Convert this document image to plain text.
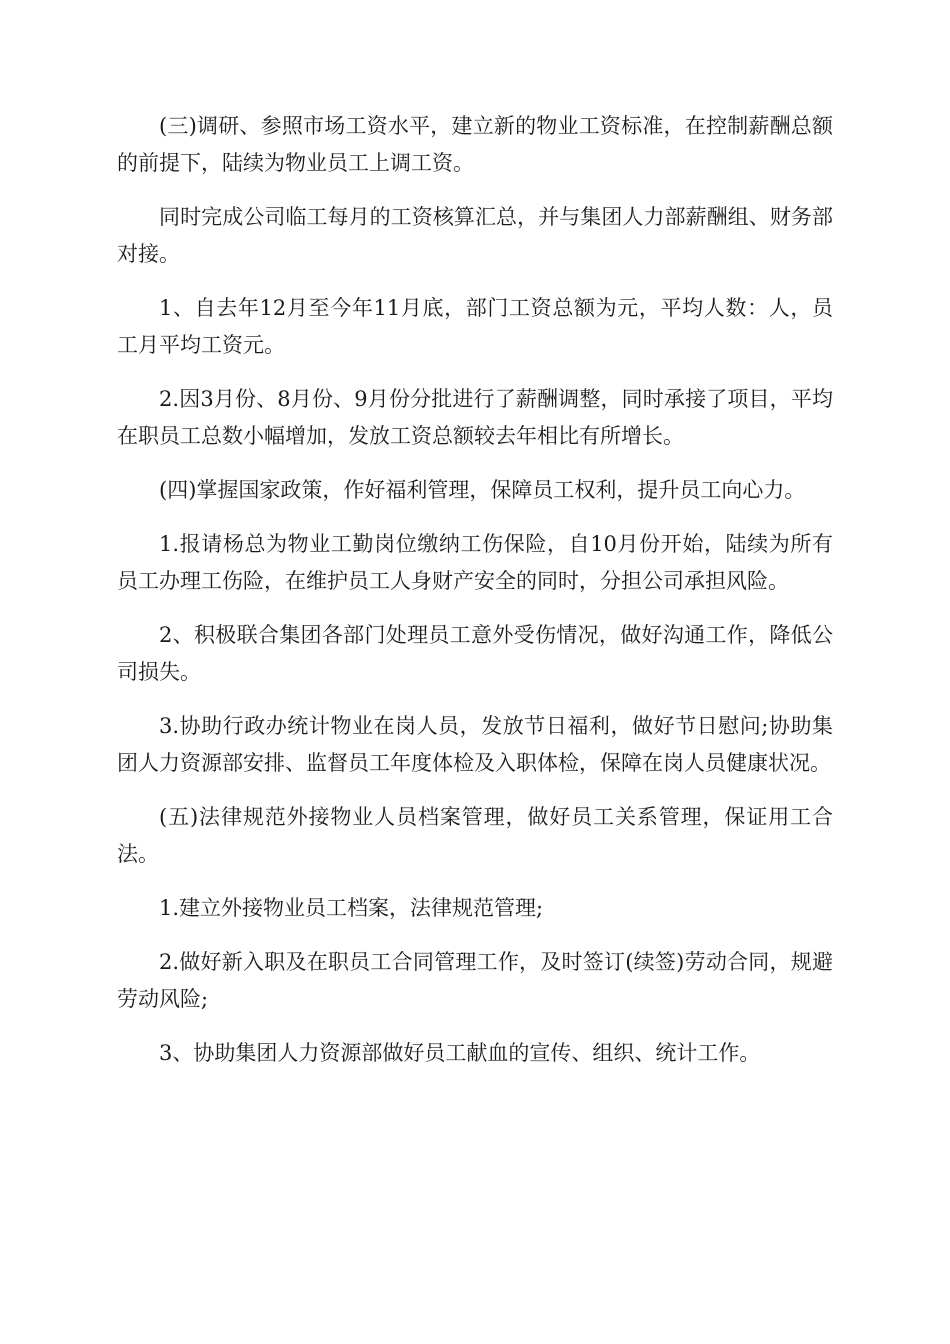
(三)调研、参照市场工资水平，建立新的物业工资标准，在控制薪酬总额的前提下，陆续为物业员工上调工资。

同时完成公司临工每月的工资核算汇总，并与集团人力部薪酬组、财务部对接。

1、自去年12月至今年11月底，部门工资总额为元，平均人数：人，员工月平均工资元。

2.因3月份、8月份、9月份分批进行了薪酬调整，同时承接了项目，平均在职员工总数小幅增加，发放工资总额较去年相比有所增长。

(四)掌握国家政策，作好福利管理，保障员工权利，提升员工向心力。

1.报请杨总为物业工勤岗位缴纳工伤保险，自10月份开始，陆续为所有员工办理工伤险，在维护员工人身财产安全的同时，分担公司承担风险。

2、积极联合集团各部门处理员工意外受伤情况，做好沟通工作，降低公司损失。

3.协助行政办统计物业在岗人员，发放节日福利，做好节日慰问;协助集团人力资源部安排、监督员工年度体检及入职体检，保障在岗人员健康状况。

(五)法律规范外接物业人员档案管理，做好员工关系管理，保证用工合法。

1.建立外接物业员工档案，法律规范管理;

2.做好新入职及在职员工合同管理工作，及时签订(续签)劳动合同，规避劳动风险;

3、协助集团人力资源部做好员工献血的宣传、组织、统计工作。
